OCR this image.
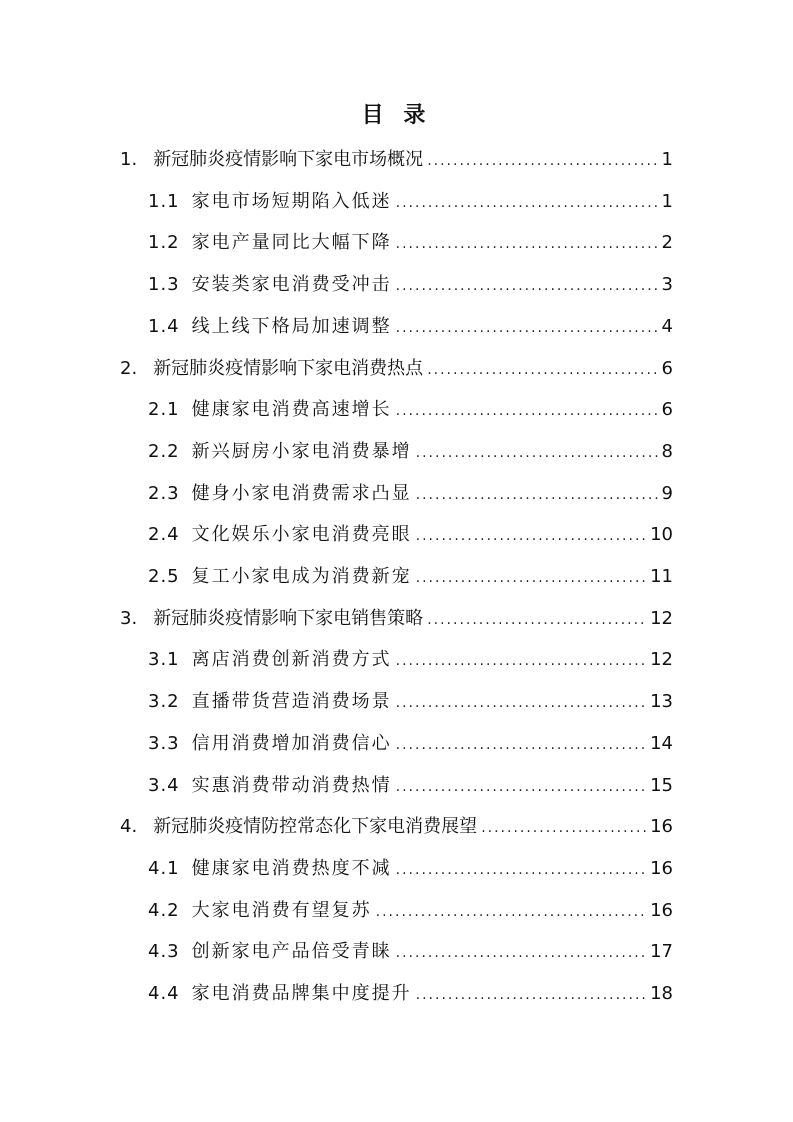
目 录
1. 新冠肺炎疫情影响下家电市场概况 .....	1
1.1 家电市场短期陷入低迷 .....	1
1.2 家电产量同比大幅下降 .....	2
1.3 安装类家电消费受冲击 .....	3
1.4 线上线下格局加速调整 .....	4
2. 新冠肺炎疫情影响下家电消费热点 .....	6
2.1 健康家电消费高速增长 .....	6
2.2 新兴厨房小家电消费暴增 .....	8
2.3 健身小家电消费需求凸显 .....	9
2.4 文化娱乐小家电消费亮眼 .....	10
2.5 复工小家电成为消费新宠 .....	11
3. 新冠肺炎疫情影响下家电销售策略 .....	12
3.1 离店消费创新消费方式 .....	12
3.2 直播带货营造消费场景 .....	13
3.3 信用消费增加消费信心 .....	14
3.4 实惠消费带动消费热情 .....	15
4. 新冠肺炎疫情防控常态化下家电消费展望 .....	16
4.1 健康家电消费热度不减 .....	16
4.2 大家电消费有望复苏 .....	16
4.3 创新家电产品倍受青睐 .....	17
4.4 家电消费品牌集中度提升 .....	18
